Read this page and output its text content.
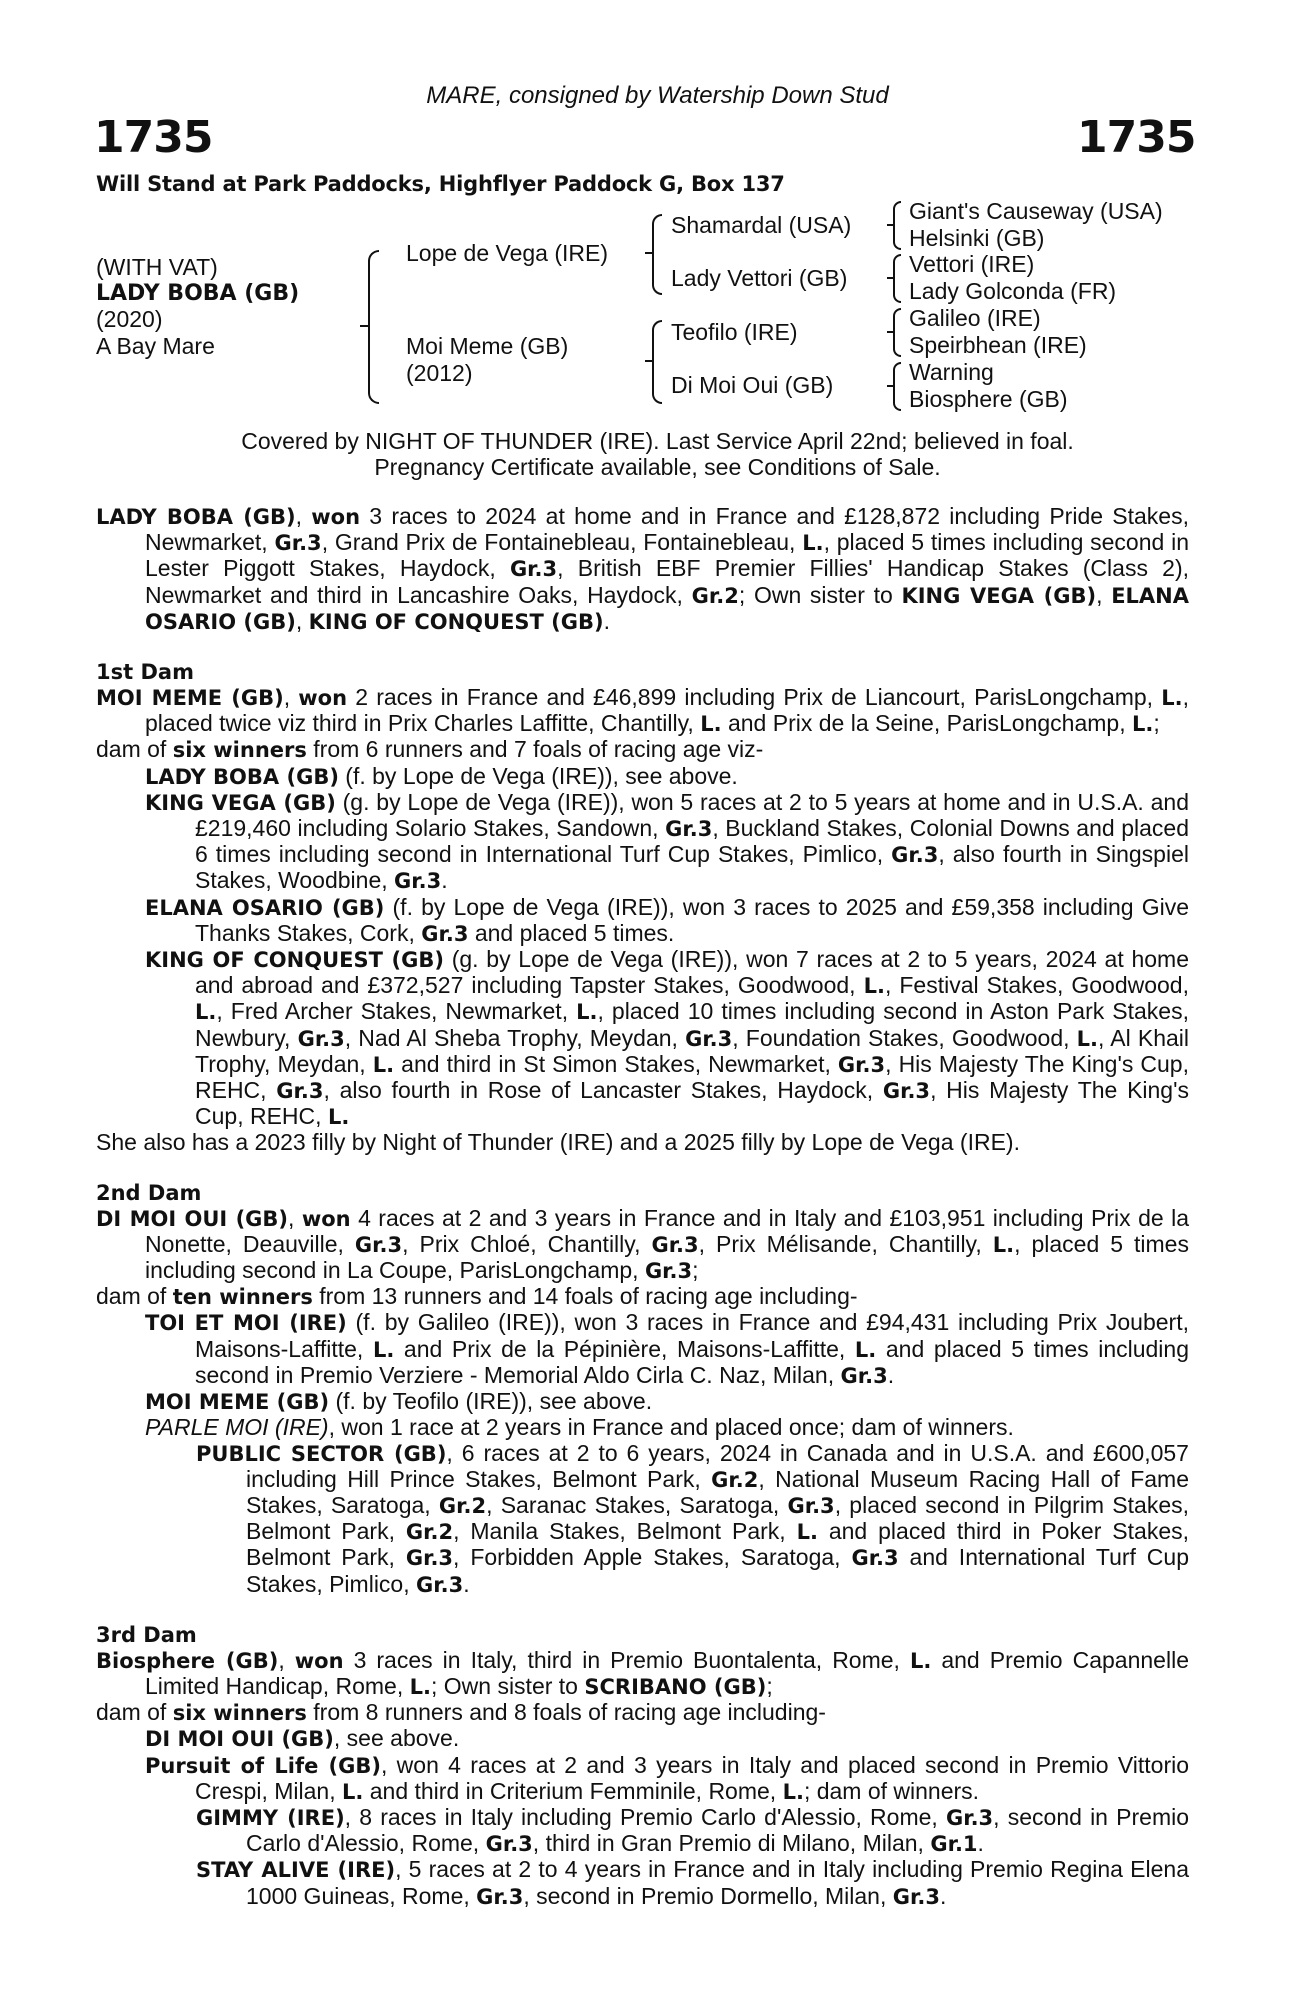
MARE, consigned by Watership Down Stud
1735	1735
Will Stand at Park Paddocks, Highflyer Paddock G, Box 137
(WITH VAT)
LADY BOBA (GB)
(2020)
A Bay Mare
Lope de Vega (IRE)
Moi Meme (GB)
(2012)
Shamardal (USA)
Lady Vettori (GB)
Teofilo (IRE)
Di Moi Oui (GB)
Giant's Causeway (USA)
Helsinki (GB)
Vettori (IRE)
Lady Golconda (FR)
Galileo (IRE)
Speirbhean (IRE)
Warning
Biosphere (GB)
Covered by NIGHT OF THUNDER (IRE). Last Service April 22nd; believed in foal.
Pregnancy Certificate available, see Conditions of Sale.

LADY BOBA (GB), won 3 races to 2024 at home and in France and £128,872 including Pride Stakes, Newmarket, Gr.3, Grand Prix de Fontainebleau, Fontainebleau, L., placed 5 times including second in Lester Piggott Stakes, Haydock, Gr.3, British EBF Premier Fillies' Handicap Stakes (Class 2), Newmarket and third in Lancashire Oaks, Haydock, Gr.2; Own sister to KING VEGA (GB), ELANA OSARIO (GB), KING OF CONQUEST (GB).

1st Dam

MOI MEME (GB), won 2 races in France and £46,899 including Prix de Liancourt, ParisLongchamp, L., placed twice viz third in Prix Charles Laffitte, Chantilly, L. and Prix de la Seine, ParisLongchamp, L.;

dam of six winners from 6 runners and 7 foals of racing age viz-

LADY BOBA (GB) (f. by Lope de Vega (IRE)), see above.

KING VEGA (GB) (g. by Lope de Vega (IRE)), won 5 races at 2 to 5 years at home and in U.S.A. and £219,460 including Solario Stakes, Sandown, Gr.3, Buckland Stakes, Colonial Downs and placed 6 times including second in International Turf Cup Stakes, Pimlico, Gr.3, also fourth in Singspiel Stakes, Woodbine, Gr.3.

ELANA OSARIO (GB) (f. by Lope de Vega (IRE)), won 3 races to 2025 and £59,358 including Give Thanks Stakes, Cork, Gr.3 and placed 5 times.

KING OF CONQUEST (GB) (g. by Lope de Vega (IRE)), won 7 races at 2 to 5 years, 2024 at home and abroad and £372,527 including Tapster Stakes, Goodwood, L., Festival Stakes, Goodwood, L., Fred Archer Stakes, Newmarket, L., placed 10 times including second in Aston Park Stakes, Newbury, Gr.3, Nad Al Sheba Trophy, Meydan, Gr.3, Foundation Stakes, Goodwood, L., Al Khail Trophy, Meydan, L. and third in St Simon Stakes, Newmarket, Gr.3, His Majesty The King's Cup, REHC, Gr.3, also fourth in Rose of Lancaster Stakes, Haydock, Gr.3, His Majesty The King's Cup, REHC, L.

She also has a 2023 filly by Night of Thunder (IRE) and a 2025 filly by Lope de Vega (IRE).

2nd Dam

DI MOI OUI (GB), won 4 races at 2 and 3 years in France and in Italy and £103,951 including Prix de la Nonette, Deauville, Gr.3, Prix Chloé, Chantilly, Gr.3, Prix Mélisande, Chantilly, L., placed 5 times including second in La Coupe, ParisLongchamp, Gr.3;

dam of ten winners from 13 runners and 14 foals of racing age including-

TOI ET MOI (IRE) (f. by Galileo (IRE)), won 3 races in France and £94,431 including Prix Joubert, Maisons-Laffitte, L. and Prix de la Pépinière, Maisons-Laffitte, L. and placed 5 times including second in Premio Verziere - Memorial Aldo Cirla C. Naz, Milan, Gr.3.

MOI MEME (GB) (f. by Teofilo (IRE)), see above.

PARLE MOI (IRE), won 1 race at 2 years in France and placed once; dam of winners.

PUBLIC SECTOR (GB), 6 races at 2 to 6 years, 2024 in Canada and in U.S.A. and £600,057 including Hill Prince Stakes, Belmont Park, Gr.2, National Museum Racing Hall of Fame Stakes, Saratoga, Gr.2, Saranac Stakes, Saratoga, Gr.3, placed second in Pilgrim Stakes, Belmont Park, Gr.2, Manila Stakes, Belmont Park, L. and placed third in Poker Stakes, Belmont Park, Gr.3, Forbidden Apple Stakes, Saratoga, Gr.3 and International Turf Cup Stakes, Pimlico, Gr.3.

3rd Dam

Biosphere (GB), won 3 races in Italy, third in Premio Buontalenta, Rome, L. and Premio Capannelle Limited Handicap, Rome, L.; Own sister to SCRIBANO (GB);

dam of six winners from 8 runners and 8 foals of racing age including-

DI MOI OUI (GB), see above.

Pursuit of Life (GB), won 4 races at 2 and 3 years in Italy and placed second in Premio Vittorio Crespi, Milan, L. and third in Criterium Femminile, Rome, L.; dam of winners.

GIMMY (IRE), 8 races in Italy including Premio Carlo d'Alessio, Rome, Gr.3, second in Premio Carlo d'Alessio, Rome, Gr.3, third in Gran Premio di Milano, Milan, Gr.1.

STAY ALIVE (IRE), 5 races at 2 to 4 years in France and in Italy including Premio Regina Elena 1000 Guineas, Rome, Gr.3, second in Premio Dormello, Milan, Gr.3.
